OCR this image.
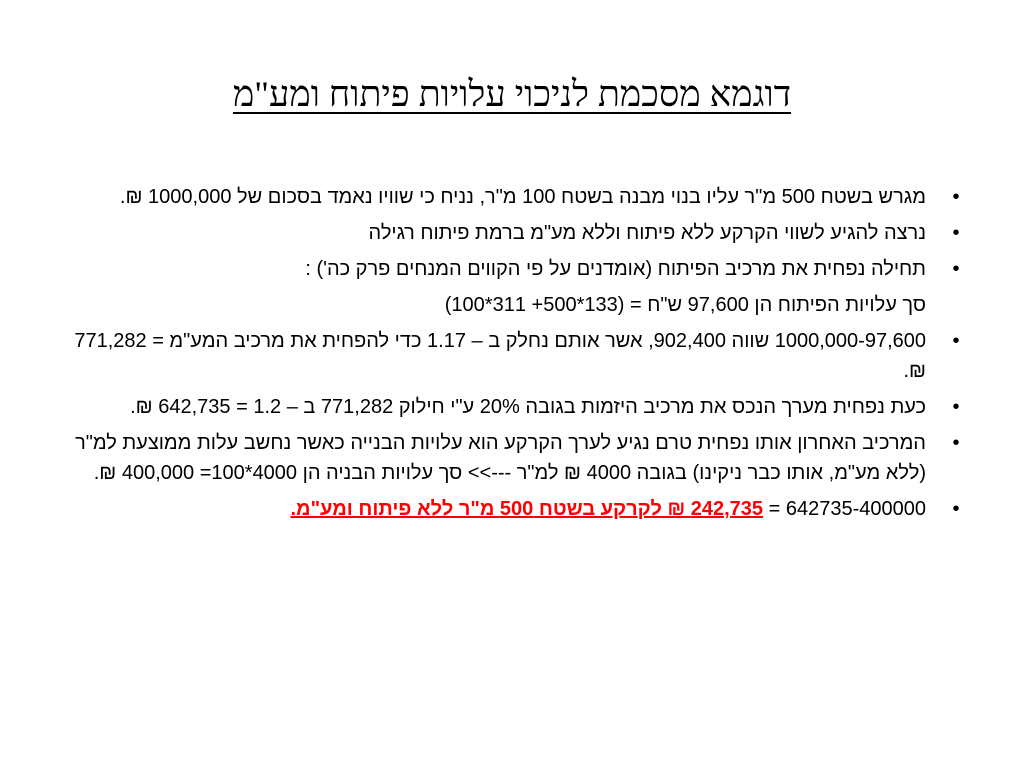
דוגמא מסכמת לניכוי עלויות פיתוח ומע"מ
•
מגרש בשטח 500 מ"ר עליו בנוי מבנה בשטח 100 מ"ר, נניח כי שוויו נאמד בסכום של 1000,000 ₪.
•
נרצה להגיע לשווי הקרקע ללא פיתוח וללא מע"מ ברמת פיתוח רגילה
•
תחילה נפחית את מרכיב הפיתוח (אומדנים על פי הקווים המנחים פרק כה') :
סך עלויות הפיתוח הן 97,600 ש"ח = (133*500+ 311*100)
•
1000,000-97,600 שווה 902,400, אשר אותם נחלק ב – 1.17 כדי להפחית את מרכיב המע"מ = 771,282 ₪.
•
כעת נפחית מערך הנכס את מרכיב היזמות בגובה 20% ע"י חילוק 771,282 ב – 1.2 = 642,735 ₪.
•
המרכיב האחרון אותו נפחית טרם נגיע לערך הקרקע הוא עלויות הבנייה כאשר נחשב עלות ממוצעת למ"ר (ללא מע"מ, אותו כבר ניקינו) בגובה 4000 ₪ למ"ר --->> סך עלויות הבניה הן 4000*100= 400,000 ₪.
•
642735-400000 = 242,735 ₪ לקרקע בשטח 500 מ"ר ללא פיתוח ומע"מ.
